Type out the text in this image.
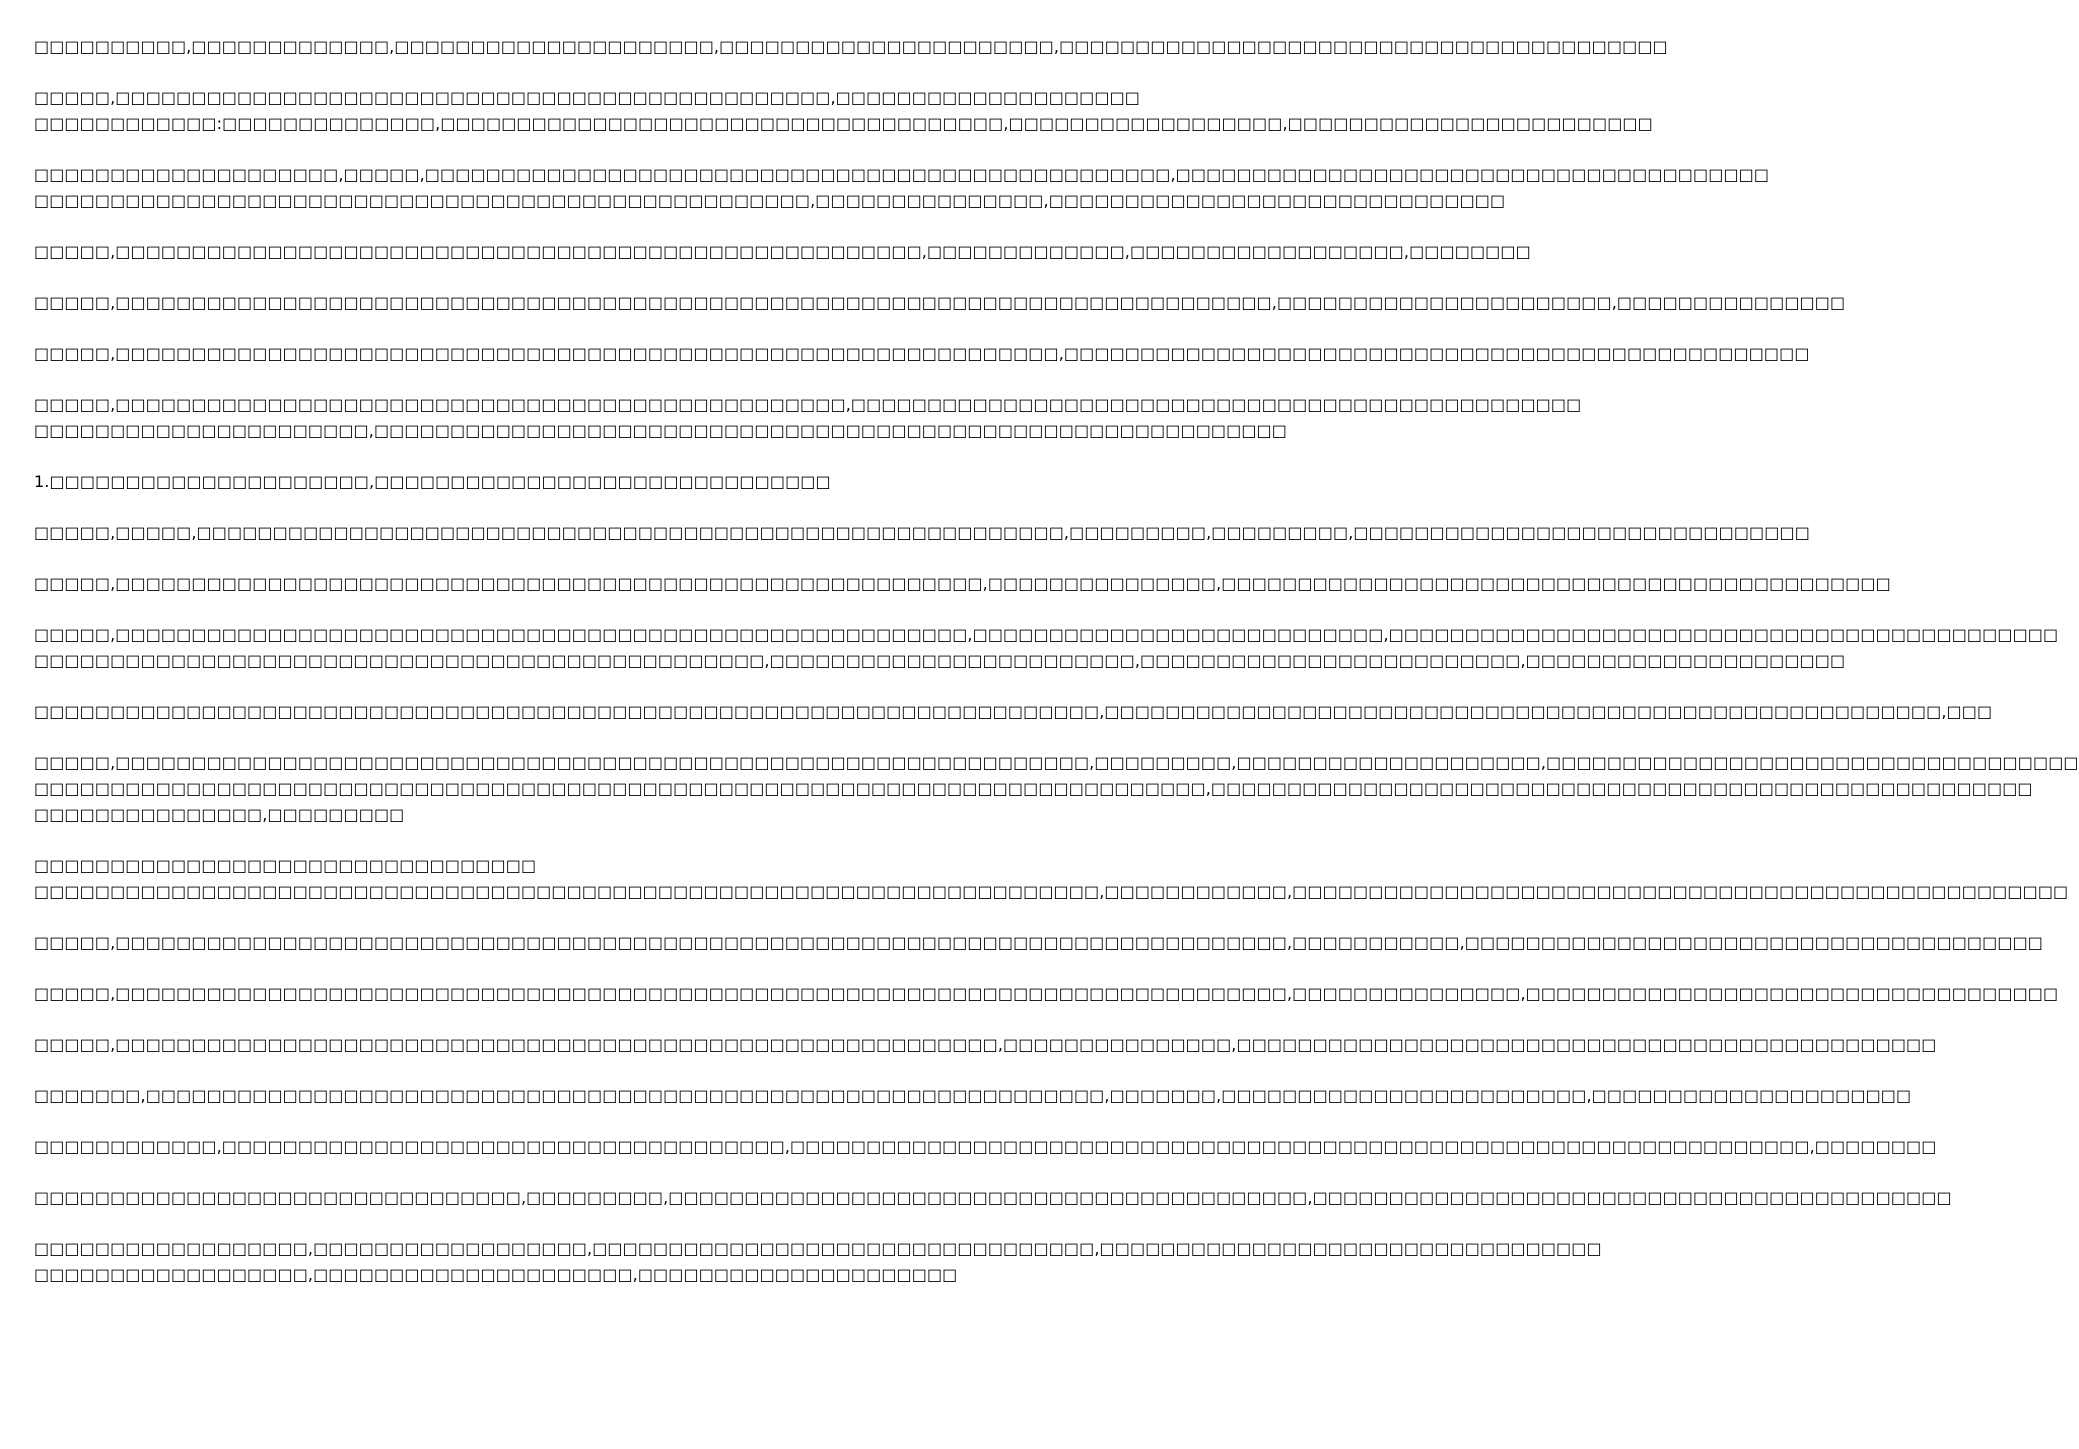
□□□□□□□□□□,□□□□□□□□□□□□□,□□□□□□□□□□□□□□□□□□□□□,□□□□□□□□□□□□□□□□□□□□□□,□□□□□□□□□□□□□□□□□□□□□□□□□□□□□□□□□□□□□□□□
□□□□□,□□□□□□□□□□□□□□□□□□□□□□□□□□□□□□□□□□□□□□□□□□□□□□□,□□□□□□□□□□□□□□□□□□□□
□□□□□□□□□□□□:□□□□□□□□□□□□□□,□□□□□□□□□□□□□□□□□□□□□□□□□□□□□□□□□□□□□,□□□□□□□□□□□□□□□□□□,□□□□□□□□□□□□□□□□□□□□□□□□
□□□□□□□□□□□□□□□□□□□□,□□□□□,□□□□□□□□□□□□□□□□□□□□□□□□□□□□□□□□□□□□□□□□□□□□□□□□□,□□□□□□□□□□□□□□□□□□□□□□□□□□□□□□□□□□□□□□□
□□□□□□□□□□□□□□□□□□□□□□□□□□□□□□□□□□□□□□□□□□□□□□□□□□□,□□□□□□□□□□□□□□□,□□□□□□□□□□□□□□□□□□□□□□□□□□□□□□
□□□□□,□□□□□□□□□□□□□□□□□□□□□□□□□□□□□□□□□□□□□□□□□□□□□□□□□□□□□,□□□□□□□□□□□□□,□□□□□□□□□□□□□□□□□□,□□□□□□□□
□□□□□,□□□□□□□□□□□□□□□□□□□□□□□□□□□□□□□□□□□□□□□□□□□□□□□□□□□□□□□□□□□□□□□□□□□□□□□□□□□□,□□□□□□□□□□□□□□□□□□□□□□,□□□□□□□□□□□□□□□
□□□□□,□□□□□□□□□□□□□□□□□□□□□□□□□□□□□□□□□□□□□□□□□□□□□□□□□□□□□□□□□□□□□□,□□□□□□□□□□□□□□□□□□□□□□□□□□□□□□□□□□□□□□□□□□□□□□□□□
□□□□□,□□□□□□□□□□□□□□□□□□□□□□□□□□□□□□□□□□□□□□□□□□□□□□□□,□□□□□□□□□□□□□□□□□□□□□□□□□□□□□□□□□□□□□□□□□□□□□□□□
□□□□□□□□□□□□□□□□□□□□□□,□□□□□□□□□□□□□□□□□□□□□□□□□□□□□□□□□□□□□□□□□□□□□□□□□□□□□□□□□□□□
1.□□□□□□□□□□□□□□□□□□□□□,□□□□□□□□□□□□□□□□□□□□□□□□□□□□□□
□□□□□,□□□□□,□□□□□□□□□□□□□□□□□□□□□□□□□□□□□□□□□□□□□□□□□□□□□□□□□□□□□□□□□,□□□□□□□□□,□□□□□□□□□,□□□□□□□□□□□□□□□□□□□□□□□□□□□□□□
□□□□□,□□□□□□□□□□□□□□□□□□□□□□□□□□□□□□□□□□□□□□□□□□□□□□□□□□□□□□□□□,□□□□□□□□□□□□□□□,□□□□□□□□□□□□□□□□□□□□□□□□□□□□□□□□□□□□□□□□□□□□
□□□□□,□□□□□□□□□□□□□□□□□□□□□□□□□□□□□□□□□□□□□□□□□□□□□□□□□□□□□□□□,□□□□□□□□□□□□□□□□□□□□□□□□□□□,□□□□□□□□□□□□□□□□□□□□□□□□□□□□□□□□□□□□□□□□□□□□
□□□□□□□□□□□□□□□□□□□□□□□□□□□□□□□□□□□□□□□□□□□□□□□□,□□□□□□□□□□□□□□□□□□□□□□□□,□□□□□□□□□□□□□□□□□□□□□□□□□,□□□□□□□□□□□□□□□□□□□□□
□□□□□□□□□□□□□□□□□□□□□□□□□□□□□□□□□□□□□□□□□□□□□□□□□□□□□□□□□□□□□□□□□□□□□□,□□□□□□□□□□□□□□□□□□□□□□□□□□□□□□□□□□□□□□□□□□□□□□□□□□□□□□□,□□□
□□□□□,□□□□□□□□□□□□□□□□□□□□□□□□□□□□□□□□□□□□□□□□□□□□□□□□□□□□□□□□□□□□□□□□,□□□□□□□□□,□□□□□□□□□□□□□□□□□□□□,□□□□□□□□□□□□□□□□□□□□□□□□□□□□□□□□□□□
□□□□□□□□□□□□□□□□□□□□□□□□□□□□□□□□□□□□□□□□□□□□□□□□□□□□□□□□□□□□□□□□□□□□□□□□□□□□□,□□□□□□□□□□□□□□□□□□□□□□□□□□□□□□□□□□□□□□□□□□□□□□□□□□□□□□
□□□□□□□□□□□□□□□,□□□□□□□□□
□□□□□□□□□□□□□□□□□□□□□□□□□□□□□□□□□
□□□□□□□□□□□□□□□□□□□□□□□□□□□□□□□□□□□□□□□□□□□□□□□□□□□□□□□□□□□□□□□□□□□□□□,□□□□□□□□□□□□,□□□□□□□□□□□□□□□□□□□□□□□□□□□□□□□□□□□□□□□□□□□□□□□□□□□
□□□□□,□□□□□□□□□□□□□□□□□□□□□□□□□□□□□□□□□□□□□□□□□□□□□□□□□□□□□□□□□□□□□□□□□□□□□□□□□□□□□,□□□□□□□□□□□,□□□□□□□□□□□□□□□□□□□□□□□□□□□□□□□□□□□□□□
□□□□□,□□□□□□□□□□□□□□□□□□□□□□□□□□□□□□□□□□□□□□□□□□□□□□□□□□□□□□□□□□□□□□□□□□□□□□□□□□□□□,□□□□□□□□□□□□□□□,□□□□□□□□□□□□□□□□□□□□□□□□□□□□□□□□□□□
□□□□□,□□□□□□□□□□□□□□□□□□□□□□□□□□□□□□□□□□□□□□□□□□□□□□□□□□□□□□□□□□,□□□□□□□□□□□□□□□,□□□□□□□□□□□□□□□□□□□□□□□□□□□□□□□□□□□□□□□□□□□□□□
□□□□□□□,□□□□□□□□□□□□□□□□□□□□□□□□□□□□□□□□□□□□□□□□□□□□□□□□□□□□□□□□□□□□□□□,□□□□□□□,□□□□□□□□□□□□□□□□□□□□□□□□,□□□□□□□□□□□□□□□□□□□□□
□□□□□□□□□□□□,□□□□□□□□□□□□□□□□□□□□□□□□□□□□□□□□□□□□□,□□□□□□□□□□□□□□□□□□□□□□□□□□□□□□□□□□□□□□□□□□□□□□□□□□□□□□□□□□□□□□□□□□□,□□□□□□□□
□□□□□□□□□□□□□□□□□□□□□□□□□□□□□□□□,□□□□□□□□□,□□□□□□□□□□□□□□□□□□□□□□□□□□□□□□□□□□□□□□□□□□,□□□□□□□□□□□□□□□□□□□□□□□□□□□□□□□□□□□□□□□□□□
□□□□□□□□□□□□□□□□□□,□□□□□□□□□□□□□□□□□□,□□□□□□□□□□□□□□□□□□□□□□□□□□□□□□□□□,□□□□□□□□□□□□□□□□□□□□□□□□□□□□□□□□□
□□□□□□□□□□□□□□□□□□,□□□□□□□□□□□□□□□□□□□□□,□□□□□□□□□□□□□□□□□□□□□
